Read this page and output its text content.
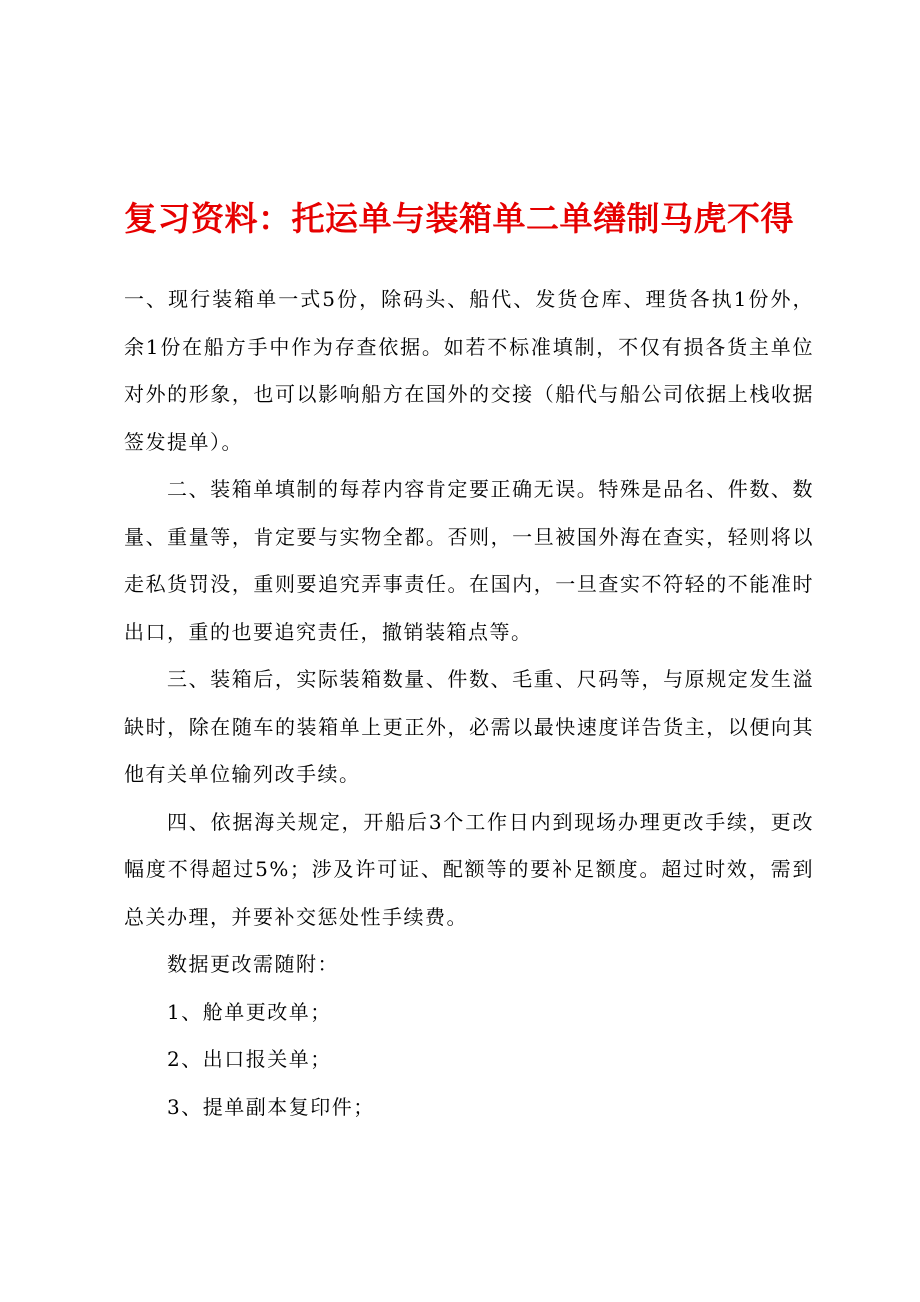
复习资料：托运单与装箱单二单缮制马虎不得

一、现行装箱单一式5份，除码头、船代、发货仓库、理货各执1份外，余1份在船方手中作为存查依据。如若不标准填制，不仅有损各货主单位对外的形象，也可以影响船方在国外的交接（船代与船公司依据上栈收据签发提单）。

二、装箱单填制的每荐内容肯定要正确无误。特殊是品名、件数、数量、重量等，肯定要与实物全都。否则，一旦被国外海在查实，轻则将以走私货罚没，重则要追究弄事责任。在国内，一旦查实不符轻的不能准时出口，重的也要追究责任，撤销装箱点等。

三、装箱后，实际装箱数量、件数、毛重、尺码等，与原规定发生溢缺时，除在随车的装箱单上更正外，必需以最快速度详告货主，以便向其他有关单位输列改手续。

四、依据海关规定，开船后3个工作日内到现场办理更改手续，更改幅度不得超过5%；涉及许可证、配额等的要补足额度。超过时效，需到总关办理，并要补交惩处性手续费。

数据更改需随附：

1、舱单更改单；

2、出口报关单；

3、提单副本复印件；
